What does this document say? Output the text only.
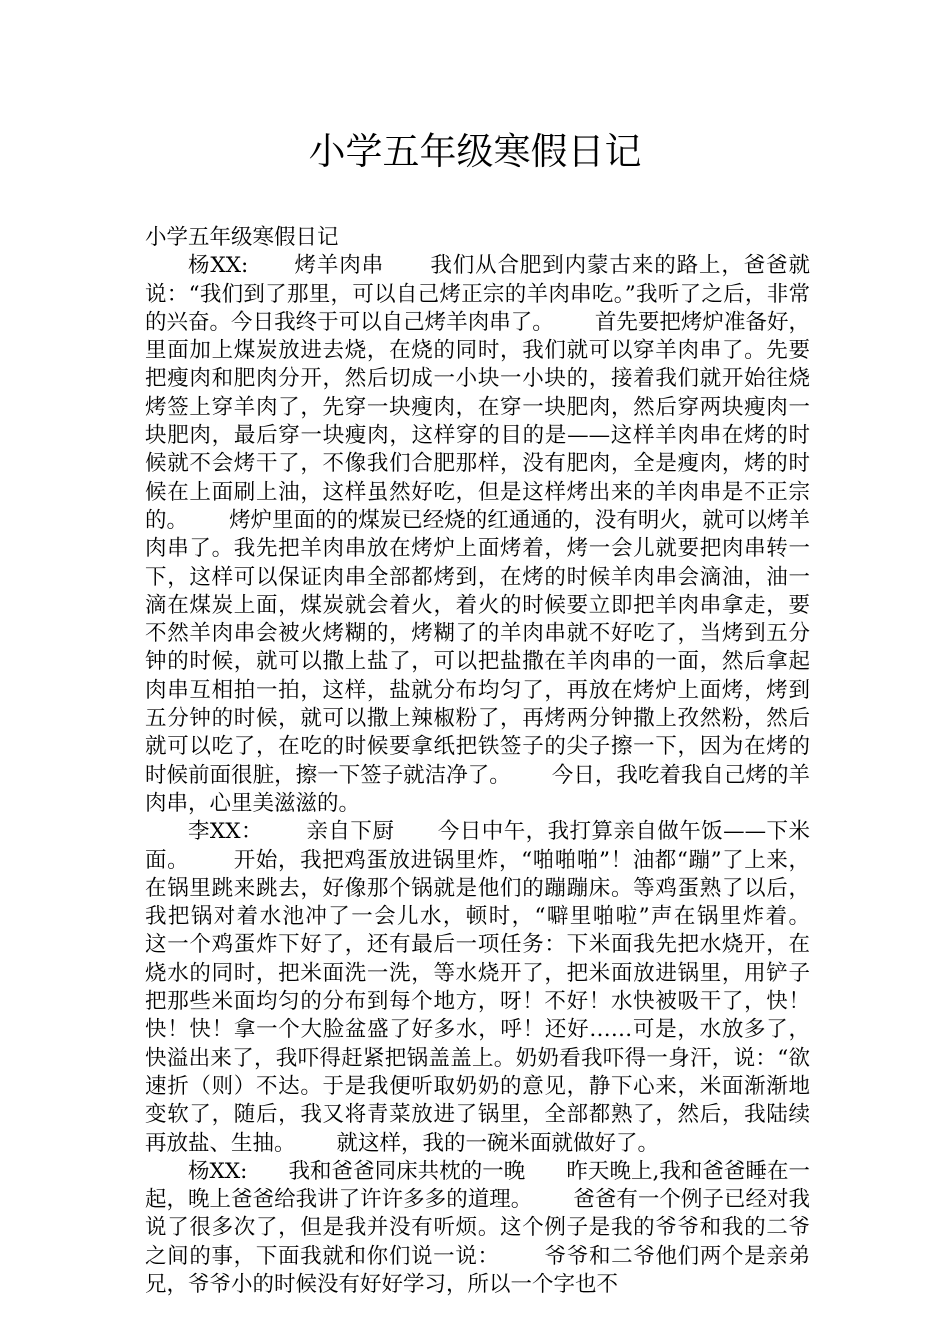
小学五年级寒假日记

小学五年级寒假日记

杨XX:      烤羊肉串      我们从合肥到内蒙古来的路上，爸爸就说：“我们到了那里，可以自己烤正宗的羊肉串吃。”我听了之后，非常的兴奋。今日我终于可以自己烤羊肉串了。      首先要把烤炉准备好，里面加上煤炭放进去烧，在烧的同时，我们就可以穿羊肉串了。先要把瘦肉和肥肉分开，然后切成一小块一小块的，接着我们就开始往烧烤签上穿羊肉了，先穿一块瘦肉，在穿一块肥肉，然后穿两块瘦肉一块肥肉，最后穿一块瘦肉，这样穿的目的是——这样羊肉串在烤的时候就不会烤干了，不像我们合肥那样，没有肥肉，全是瘦肉，烤的时候在上面刷上油，这样虽然好吃，但是这样烤出来的羊肉串是不正宗的。      烤炉里面的的煤炭已经烧的红通通的，没有明火，就可以烤羊肉串了。我先把羊肉串放在烤炉上面烤着，烤一会儿就要把肉串转一下，这样可以保证肉串全部都烤到，在烤的时候羊肉串会滴油，油一滴在煤炭上面，煤炭就会着火，着火的时候要立即把羊肉串拿走，要不然羊肉串会被火烤糊的，烤糊了的羊肉串就不好吃了，当烤到五分钟的时候，就可以撒上盐了，可以把盐撒在羊肉串的一面，然后拿起肉串互相拍一拍，这样，盐就分布均匀了，再放在烤炉上面烤，烤到五分钟的时候，就可以撒上辣椒粉了，再烤两分钟撒上孜然粉，然后就可以吃了，在吃的时候要拿纸把铁签子的尖子擦一下，因为在烤的时候前面很脏，擦一下签子就洁净了。      今日，我吃着我自己烤的羊肉串，心里美滋滋的。

李XX：      亲自下厨      今日中午，我打算亲自做午饭——下米面。      开始，我把鸡蛋放进锅里炸，“啪啪啪”！油都“蹦”了上来，在锅里跳来跳去，好像那个锅就是他们的蹦蹦床。等鸡蛋熟了以后，我把锅对着水池冲了一会儿水，顿时，“噼里啪啦”声在锅里炸着。      这一个鸡蛋炸下好了，还有最后一项任务：下米面我先把水烧开，在烧水的同时，把米面洗一洗，等水烧开了，把米面放进锅里，用铲子把那些米面均匀的分布到每个地方，呀！不好！水快被吸干了，快！快！快！拿一个大脸盆盛了好多水，呼！还好……可是，水放多了，快溢出来了，我吓得赶紧把锅盖盖上。奶奶看我吓得一身汗，说：“欲速折（则）不达。于是我便听取奶奶的意见，静下心来，米面渐渐地变软了，随后，我又将青菜放进了锅里，全部都熟了，然后，我陆续再放盐、生抽。      就这样，我的一碗米面就做好了。

杨XX:      我和爸爸同床共枕的一晚      昨天晚上,我和爸爸睡在一起，晚上爸爸给我讲了许许多多的道理。      爸爸有一个例子已经对我说了很多次了，但是我并没有听烦。这个例子是我的爷爷和我的二爷之间的事，下面我就和你们说一说：      爷爷和二爷他们两个是亲弟兄，爷爷小的时候没有好好学习，所以一个字也不
